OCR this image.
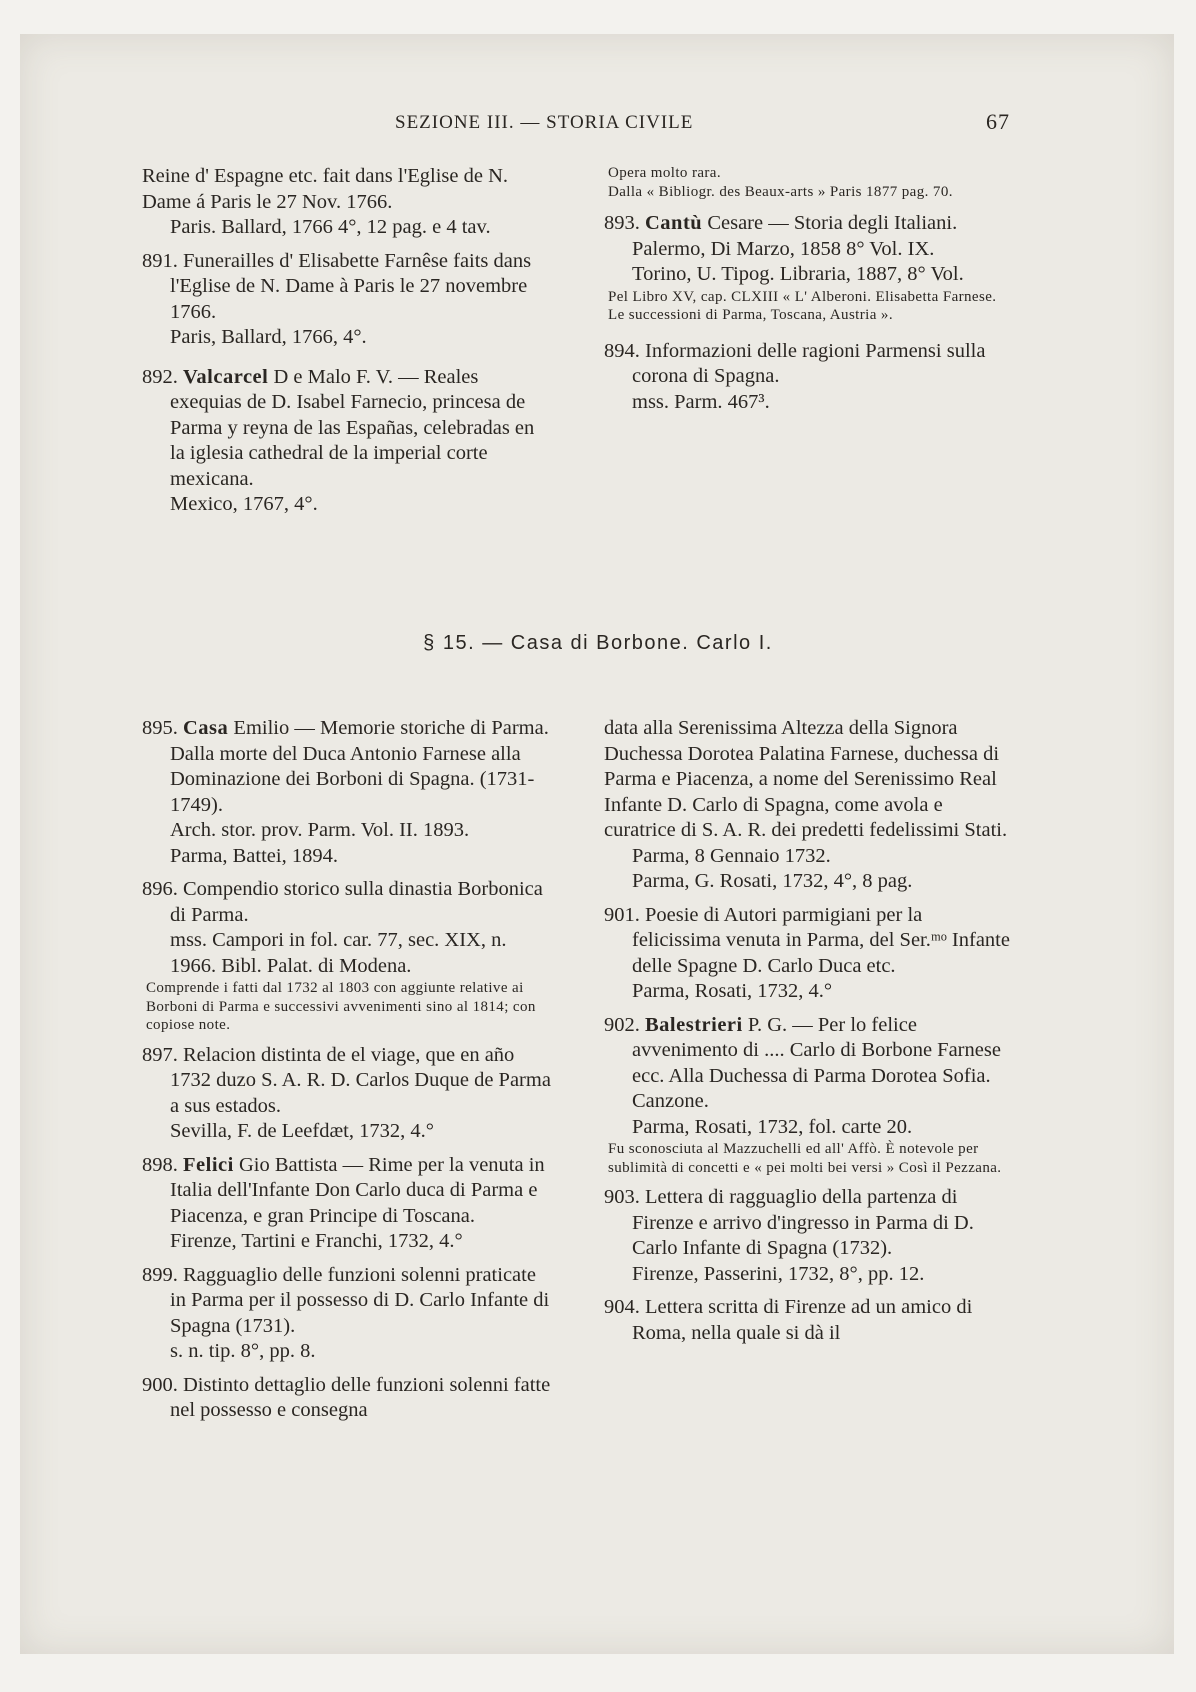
SEZIONE III. — STORIA CIVILE	67

Reine d' Espagne etc. fait dans l'Eglise de N. Dame á Paris le 27 Nov. 1766.

Paris. Ballard, 1766 4°, 12 pag. e 4 tav.

891. Funerailles d' Elisabette Farnêse faits dans l'Eglise de N. Dame à Paris le 27 novembre 1766.

Paris, Ballard, 1766, 4°.

892. Valcarcel D e Malo F. V. — Reales exequias de D. Isabel Farnecio, princesa de Parma y reyna de las Españas, celebradas en la iglesia cathedral de la imperial corte mexicana.

Mexico, 1767, 4°.

Opera molto rara.

Dalla « Bibliogr. des Beaux-arts » Paris 1877 pag. 70.

893. Cantù Cesare — Storia degli Italiani.

Palermo, Di Marzo, 1858 8° Vol. IX.

Torino, U. Tipog. Libraria, 1887, 8° Vol.

Pel Libro XV, cap. CLXIII « L' Alberoni. Elisabetta Farnese. Le successioni di Parma, Toscana, Austria ».

894. Informazioni delle ragioni Parmensi sulla corona di Spagna.

mss. Parm. 467³.

§ 15. — Casa di Borbone. Carlo I.

895. Casa Emilio — Memorie storiche di Parma. Dalla morte del Duca Antonio Farnese alla Dominazione dei Borboni di Spagna. (1731-1749).

Arch. stor. prov. Parm. Vol. II. 1893.

Parma, Battei, 1894.

896. Compendio storico sulla dinastia Borbonica di Parma.

mss. Campori in fol. car. 77, sec. XIX, n. 1966. Bibl. Palat. di Modena.

Comprende i fatti dal 1732 al 1803 con aggiunte relative ai Borboni di Parma e successivi avvenimenti sino al 1814; con copiose note.

897. Relacion distinta de el viage, que en año 1732 duzo S. A. R. D. Carlos Duque de Parma a sus estados.

Sevilla, F. de Leefdæt, 1732, 4.°

898. Felici Gio Battista — Rime per la venuta in Italia dell'Infante Don Carlo duca di Parma e Piacenza, e gran Principe di Toscana.

Firenze, Tartini e Franchi, 1732, 4.°

899. Ragguaglio delle funzioni solenni praticate in Parma per il possesso di D. Carlo Infante di Spagna (1731).

s. n. tip. 8°, pp. 8.

900. Distinto dettaglio delle funzioni solenni fatte nel possesso e consegna

data alla Serenissima Altezza della Signora Duchessa Dorotea Palatina Farnese, duchessa di Parma e Piacenza, a nome del Serenissimo Real Infante D. Carlo di Spagna, come avola e curatrice di S. A. R. dei predetti fedelissimi Stati.

Parma, 8 Gennaio 1732.

Parma, G. Rosati, 1732, 4°, 8 pag.

901. Poesie di Autori parmigiani per la felicissima venuta in Parma, del Ser.ᵐᵒ Infante delle Spagne D. Carlo Duca etc.

Parma, Rosati, 1732, 4.°

902. Balestrieri P. G. — Per lo felice avvenimento di .... Carlo di Borbone Farnese ecc. Alla Duchessa di Parma Dorotea Sofia.

Canzone.

Parma, Rosati, 1732, fol. carte 20.

Fu sconosciuta al Mazzuchelli ed all' Affò. È notevole per sublimità di concetti e « pei molti bei versi » Così il Pezzana.

903. Lettera di ragguaglio della partenza di Firenze e arrivo d'ingresso in Parma di D. Carlo Infante di Spagna (1732).

Firenze, Passerini, 1732, 8°, pp. 12.

904. Lettera scritta di Firenze ad un amico di Roma, nella quale si dà il
